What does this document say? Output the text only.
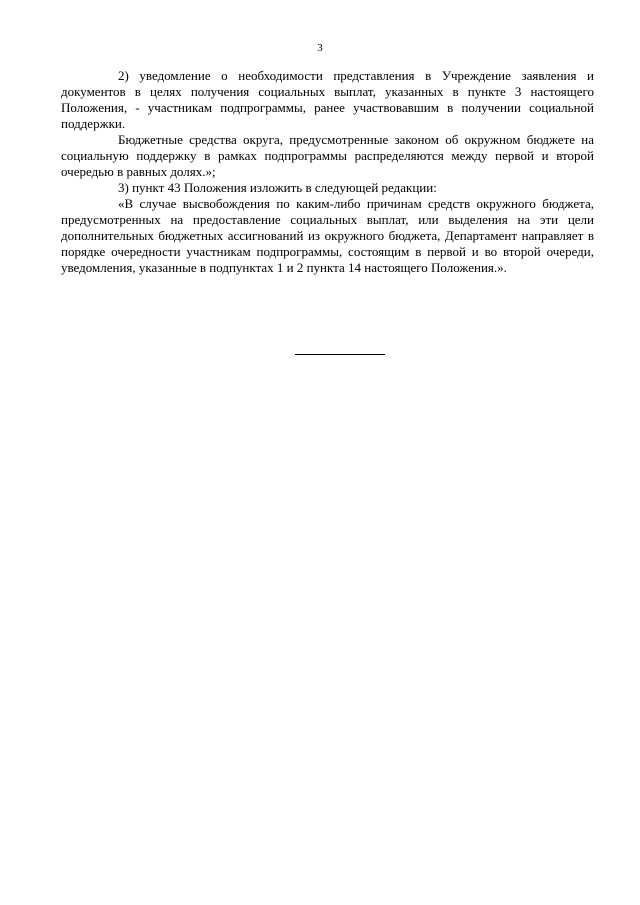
3

2) уведомление о необходимости представления в Учреждение заявления и документов в целях получения социальных выплат, указанных в пункте 3 настоящего Положения, - участникам подпрограммы, ранее участвовавшим в получении социальной поддержки.

Бюджетные средства округа, предусмотренные законом об окружном бюджете на социальную поддержку в рамках подпрограммы распределяются между первой и второй очередью в равных долях.»;

3) пункт 43 Положения изложить в следующей редакции:

«В случае высвобождения по каким-либо причинам средств окружного бюджета, предусмотренных на предоставление социальных выплат, или выделения на эти цели дополнительных бюджетных ассигнований из окружного бюджета, Департамент направляет в порядке очередности участникам подпрограммы, состоящим в первой и во второй очереди, уведомления, указанные в подпунктах 1 и 2 пункта 14 настоящего Положения.».
